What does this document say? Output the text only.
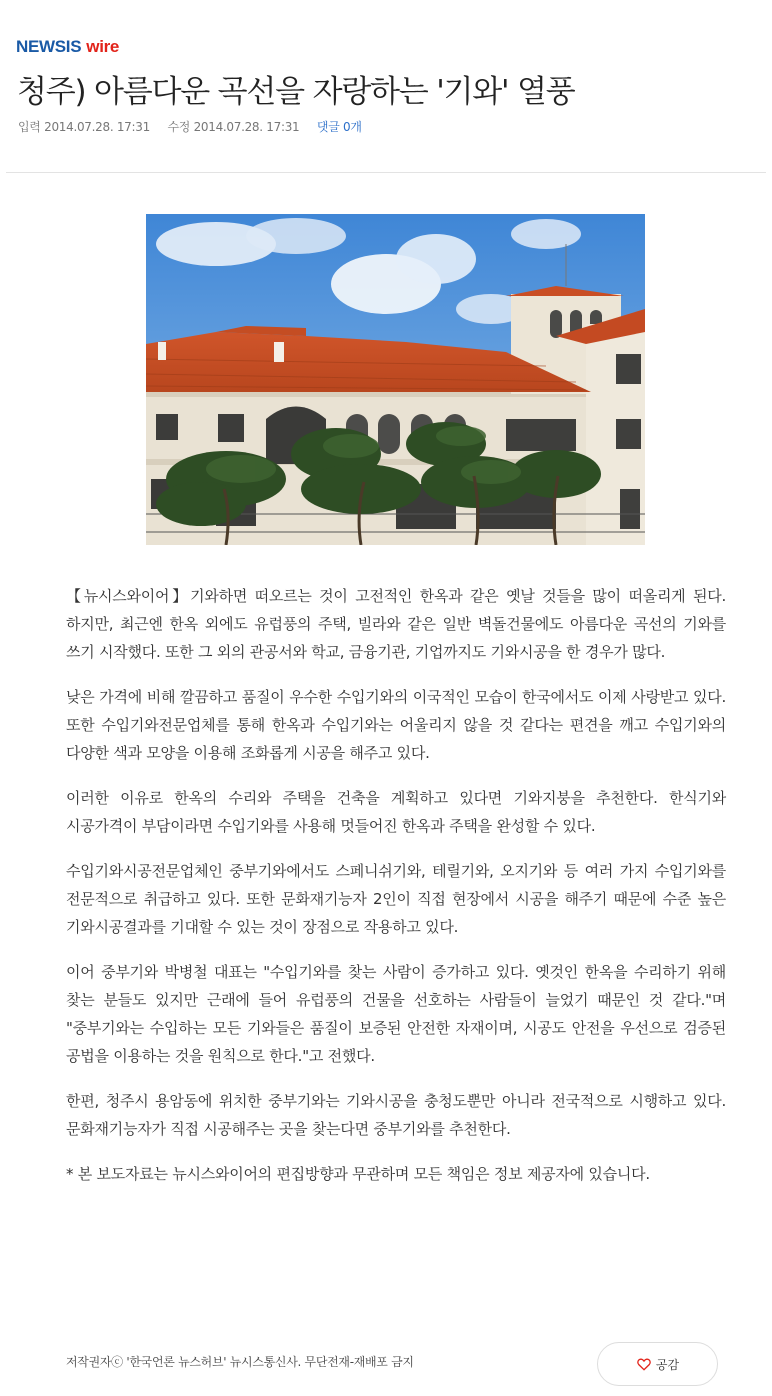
NEWSIS wire
청주) 아름다운 곡선을 자랑하는 '기와' 열풍
입력 2014.07.28. 17:31 수정 2014.07.28. 17:31 댓글 0개

【뉴시스와이어】기와하면 떠오르는 것이 고전적인 한옥과 같은 옛날 것들을 많이 떠올리게 된다. 하지만, 최근엔 한옥 외에도 유럽풍의 주택, 빌라와 같은 일반 벽돌건물에도 아름다운 곡선의 기와를 쓰기 시작했다. 또한 그 외의 관공서와 학교, 금융기관, 기업까지도 기와시공을 한 경우가 많다.

낮은 가격에 비해 깔끔하고 품질이 우수한 수입기와의 이국적인 모습이 한국에서도 이제 사랑받고 있다. 또한 수입기와전문업체를 통해 한옥과 수입기와는 어울리지 않을 것 같다는 편견을 깨고 수입기와의 다양한 색과 모양을 이용해 조화롭게 시공을 해주고 있다.

이러한 이유로 한옥의 수리와 주택을 건축을 계획하고 있다면 기와지붕을 추천한다. 한식기와 시공가격이 부담이라면 수입기와를 사용해 멋들어진 한옥과 주택을 완성할 수 있다.

수입기와시공전문업체인 중부기와에서도 스페니쉬기와, 테릴기와, 오지기와 등 여러 가지 수입기와를 전문적으로 취급하고 있다. 또한 문화재기능자 2인이 직접 현장에서 시공을 해주기 때문에 수준 높은 기와시공결과를 기대할 수 있는 것이 장점으로 작용하고 있다.

이어 중부기와 박병철 대표는 "수입기와를 찾는 사람이 증가하고 있다. 옛것인 한옥을 수리하기 위해 찾는 분들도 있지만 근래에 들어 유럽풍의 건물을 선호하는 사람들이 늘었기 때문인 것 같다."며 "중부기와는 수입하는 모든 기와들은 품질이 보증된 안전한 자재이며, 시공도 안전을 우선으로 검증된 공법을 이용하는 것을 원칙으로 한다."고 전했다.

한편, 청주시 용암동에 위치한 중부기와는 기와시공을 충청도뿐만 아니라 전국적으로 시행하고 있다. 문화재기능자가 직접 시공해주는 곳을 찾는다면 중부기와를 추천한다.

* 본 보도자료는 뉴시스와이어의 편집방향과 무관하며 모든 책임은 정보 제공자에 있습니다.

저작권자ⓒ '한국언론 뉴스허브' 뉴시스통신사. 무단전재-재배포 금지	공감
